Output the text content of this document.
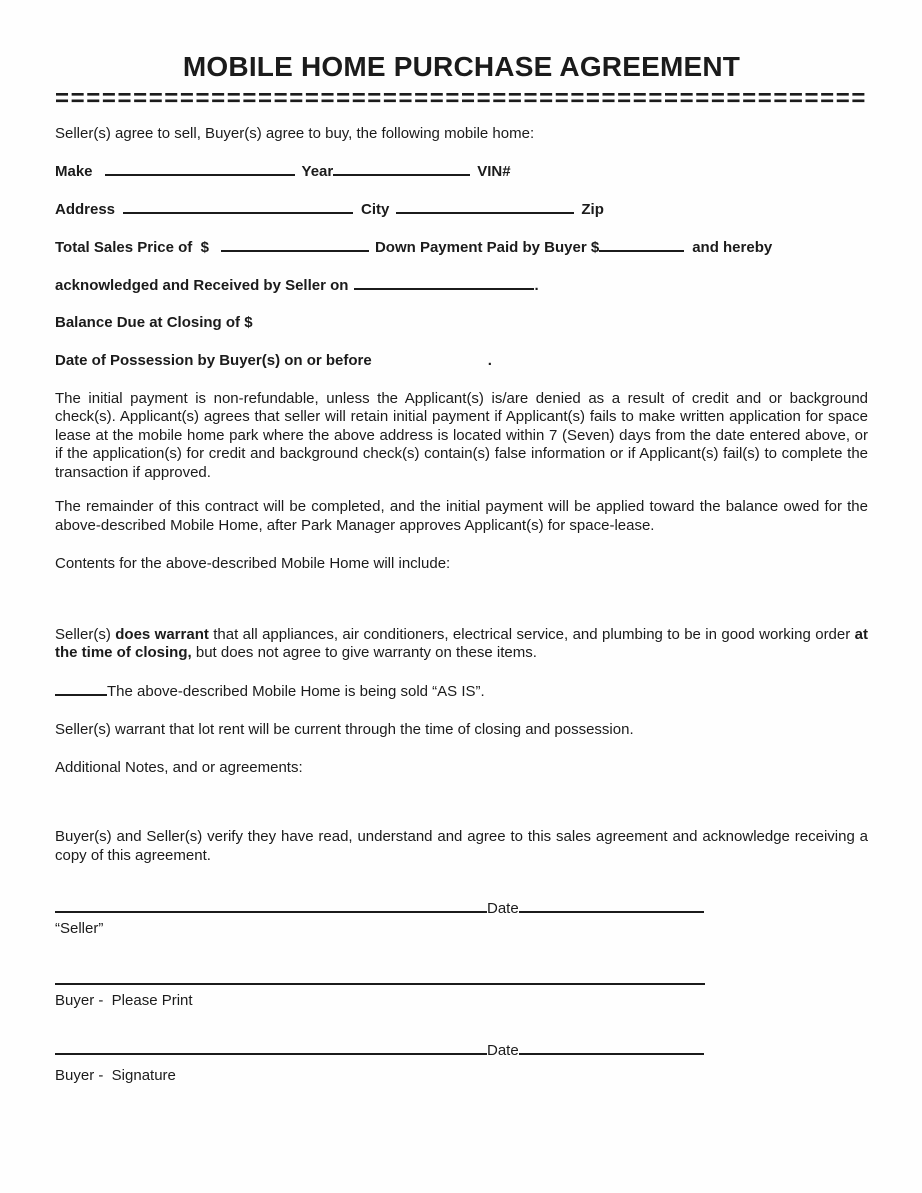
MOBILE HOME PURCHASE AGREEMENT
====================================================

Seller(s) agree to sell, Buyer(s) agree to buy, the following mobile home:

Make	Year	VIN#
Address	City	Zip
Total Sales Price of  $	Down Payment Paid by Buyer $	and hereby
acknowledged and Received by Seller on	.
Balance Due at Closing of $
Date of Possession by Buyer(s) on or before	.

The initial payment is non-refundable, unless the Applicant(s) is/are denied as a result of credit and or background check(s). Applicant(s) agrees that seller will retain initial payment if Applicant(s) fails to make written application for space lease at the mobile home park where the above address is located within 7 (Seven) days from the date entered above, or if the application(s) for credit and background check(s) contain(s) false information or if Applicant(s) fail(s) to complete the transaction if approved.

The remainder of this contract will be completed, and the initial payment will be applied toward the balance owed for the above-described Mobile Home, after Park Manager approves Applicant(s) for space-lease.

Contents for the above-described Mobile Home will include:

Seller(s) does warrant that all appliances, air conditioners, electrical service, and plumbing to be in good working order at the time of closing, but does not agree to give warranty on these items.

The above-described Mobile Home is being sold “AS IS”.

Seller(s) warrant that lot rent will be current through the time of closing and possession.

Additional Notes, and or agreements:

Buyer(s) and Seller(s) verify they have read, understand and agree to this sales agreement and acknowledge receiving a copy of this agreement.

Date
“Seller”
Buyer -  Please Print
Date
Buyer -  Signature
